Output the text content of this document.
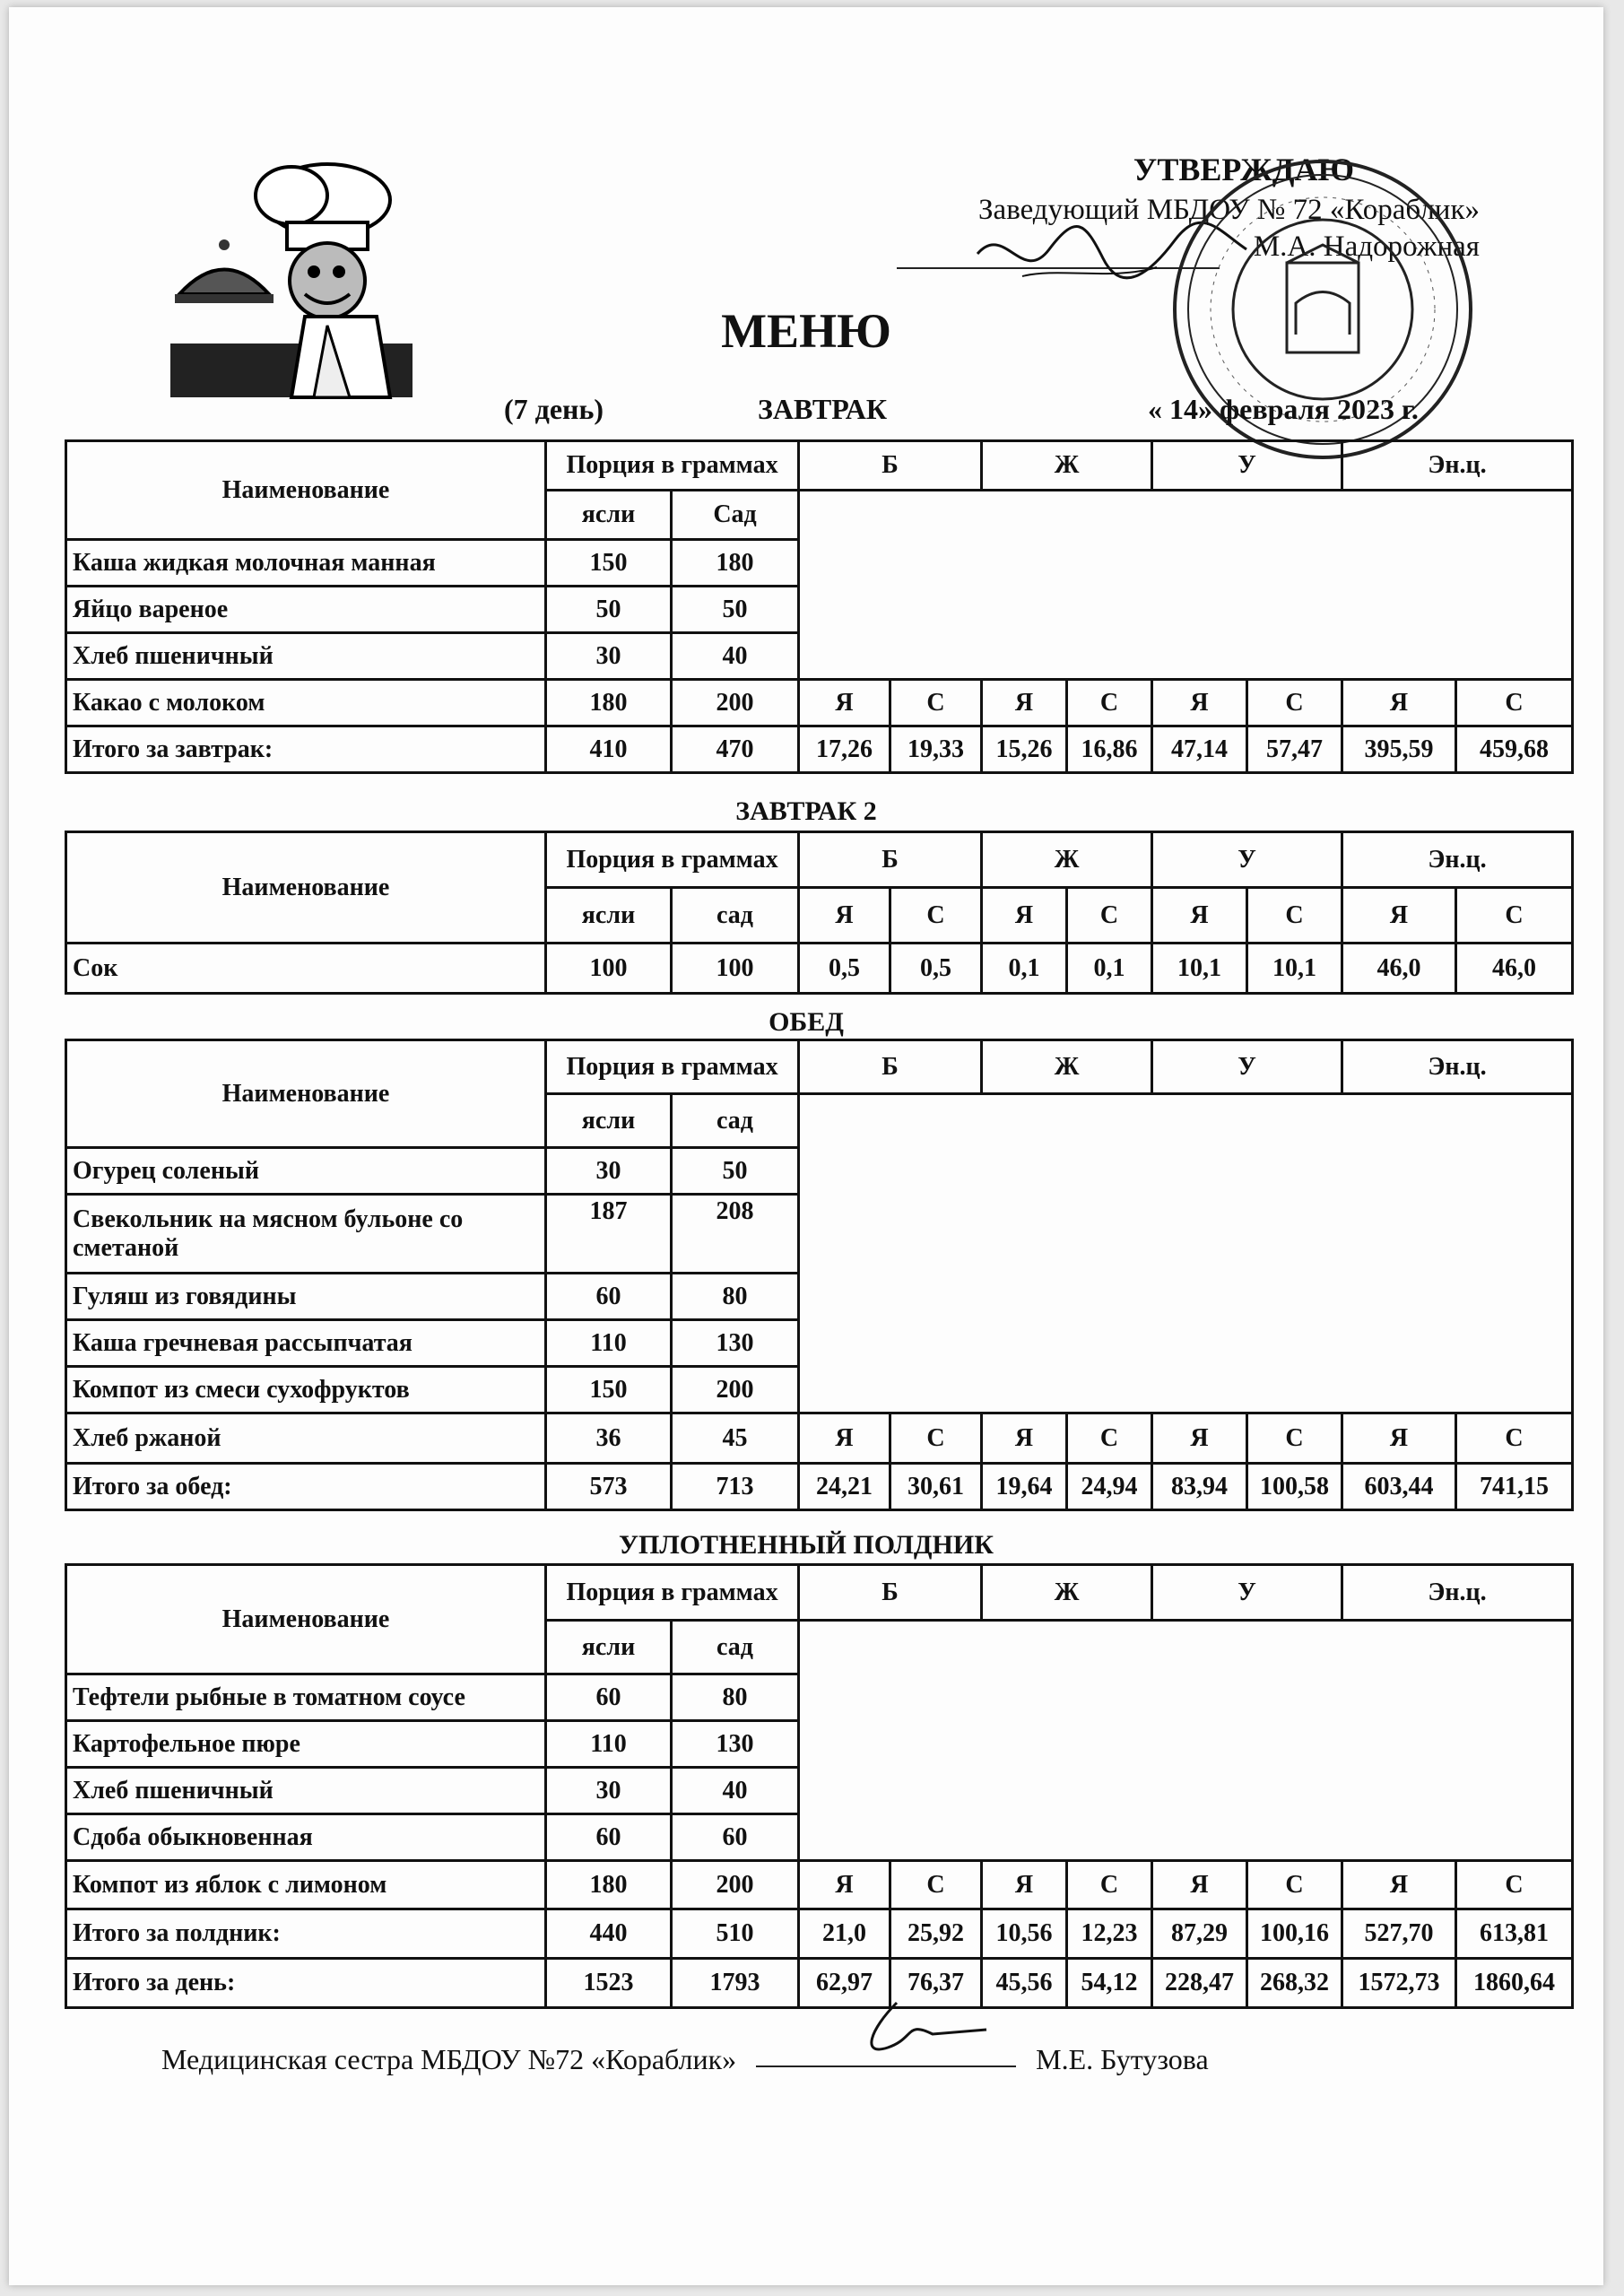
УТВЕРЖДАЮ
Заведующий МБДОУ № 72 «Кораблик»
М.А. Надорожная
МЕНЮ
(7 день)	ЗАВТРАК	« 14» февраля 2023 г.
Наименование	Порция в граммах		Б		Ж		У		Эн.ц.	
	ясли	Сад								
Каша жидкая молочная манная	150	180								
Яйцо вареное	50	50								
Хлеб пшеничный	30	40								
Какао с молоком	180	200	Я	С	Я	С	Я	С	Я	С
Итого за завтрак:	410	470	17,26	19,33	15,26	16,86	47,14	57,47	395,59	459,68
ЗАВТРАК 2
Наименование	Порция в граммах		Б		Ж		У		Эн.ц.	
	ясли	сад	Я	С	Я	С	Я	С	Я	С
Сок	100	100	0,5	0,5	0,1	0,1	10,1	10,1	46,0	46,0
ОБЕД
Наименование	Порция в граммах		Б		Ж		У		Эн.ц.	
	ясли	сад								
Огурец соленый	30	50								
Свекольник на мясном бульоне со сметаной	187	208								
Гуляш из говядины	60	80								
Каша гречневая рассыпчатая	110	130								
Компот из смеси сухофруктов	150	200								
Хлеб ржаной	36	45	Я	С	Я	С	Я	С	Я	С
Итого за обед:	573	713	24,21	30,61	19,64	24,94	83,94	100,58	603,44	741,15
УПЛОТНЕННЫЙ ПОЛДНИК
Наименование	Порция в граммах		Б		Ж		У		Эн.ц.	
	ясли	сад								
Тефтели рыбные в томатном соусе	60	80								
Картофельное пюре	110	130								
Хлеб пшеничный	30	40								
Сдоба обыкновенная	60	60								
Компот из яблок с лимоном	180	200	Я	С	Я	С	Я	С	Я	С
Итого за полдник:	440	510	21,0	25,92	10,56	12,23	87,29	100,16	527,70	613,81
Итого за день:	1523	1793	62,97	76,37	45,56	54,12	228,47	268,32	1572,73	1860,64
Медицинская сестра МБДОУ №72 «Кораблик»	М.Е. Бутузова
